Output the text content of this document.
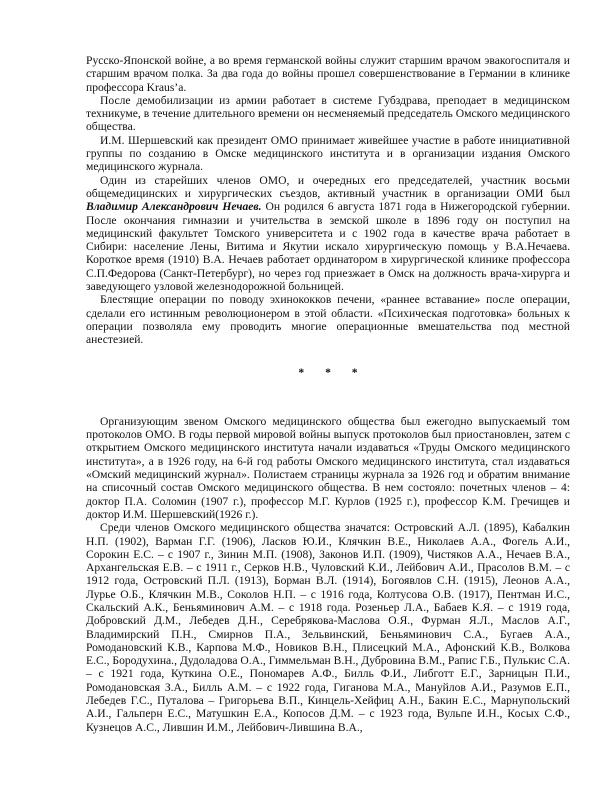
Русско-Японской войне, а во время германской войны служит старшим врачом эвакогоспиталя и старшим врачом полка. За два года до войны прошел совершенствование в Германии в клинике профессора Kraus’a.

После демобилизации из армии работает в системе Губздрава, преподает в медицинском техникуме, в течение длительного времени он несменяемый председатель Омского медицинского общества.

И.М. Шершевский как президент ОМО принимает живейшее участие в работе инициативной группы по созданию в Омске медицинского института и в организации издания Омского медицинского журнала.

Один из старейших членов ОМО, и очередных его председателей, участник восьми общемедицинских и хирургических съездов, активный участник в организации ОМИ был Владимир Александрович Нечаев. Он родился 6 августа 1871 года в Нижегородской губернии. После окончания гимназии и учительства в земской школе в 1896 году он поступил на медицинский факультет Томского университета и с 1902 года в качестве врача работает в Сибири: население Лены, Витима и Якутии искало хирургическую помощь у В.А.Нечаева. Короткое время (1910) В.А. Нечаев работает ординатором в хирургической клинике профессора С.П.Федорова (Санкт-Петербург), но через год приезжает в Омск на должность врача-хирурга и заведующего узловой железнодорожной больницей.

Блестящие операции по поводу эхинококков печени, «раннее вставание» после операции, сделали его истинным революционером в этой области. «Психическая подготовка» больных к операции позволяла ему проводить многие операционные вмешательства под местной анестезией.

* * *

Организующим звеном Омского медицинского общества был ежегодно выпускаемый том протоколов ОМО. В годы первой мировой войны выпуск протоколов был приостановлен, затем с открытием Омского медицинского института начали издаваться «Труды Омского медицинского института», а в 1926 году, на 6-й год работы Омского медицинского института, стал издаваться «Омский медицинский журнал». Полистаем страницы журнала за 1926 год и обратим внимание на списочный состав Омского медицинского общества. В нем состояло: почетных членов – 4: доктор П.А. Соломин (1907 г.), профессор М.Г. Курлов (1925 г.), профессор К.М. Гречищев и доктор И.М. Шершевский(1926 г.).

Среди членов Омского медицинского общества значатся: Островский А.Л. (1895), Кабалкин Н.П. (1902), Варман Г.Г. (1906), Ласков Ю.И., Клячкин В.Е., Николаев А.А., Фогель А.И., Сорокин Е.С. – с 1907 г., Зинин М.П. (1908), Законов И.П. (1909), Чистяков А.А., Нечаев В.А., Архангельская Е.В. – с 1911 г., Серков Н.В., Чуловский К.И., Лейбович А.И., Прасолов В.М. – с 1912 года, Островский П.Л. (1913), Борман В.Л. (1914), Богоявлов С.Н. (1915), Леонов А.А., Лурье О.Б., Клячкин М.В., Соколов Н.П. – с 1916 года, Колтусова О.В. (1917), Пентман И.С., Скальский А.К., Беньяминович А.М. – с 1918 года. Розеньер Л.А., Бабаев К.Я. – с 1919 года, Добровский Д.М., Лебедев Д.Н., Серебрякова-Маслова О.Я., Фурман Я.Л., Маслов А.Г., Владимирский П.Н., Смирнов П.А., Зельвинский, Беньяминович С.А., Бугаев А.А., Ромодановский К.В., Карпова М.Ф., Новиков В.Н., Плисецкий М.А., Афонский К.В., Волкова Е.С., Бородухина., Дудоладова О.А., Гиммельман В.Н., Дубровина В.М., Рапис Г.Б., Пулькис С.А. – с 1921 года, Куткина О.Е., Пономарев А.Ф., Билль Ф.И., Либготт Е.Г., Зарницын П.И., Ромодановская З.А., Билль А.М. – с 1922 года, Гиганова М.А., Мануйлов А.И., Разумов Е.П., Лебедев Г.С., Путалова – Григорьева В.П., Кинцель-Хейфиц А.Н., Бакин Е.С., Марнупольский А.И., Гальперн Е.С., Матушкин Е.А., Копосов Д.М. – с 1923 года, Вульпе И.Н., Косых С.Ф., Кузнецов А.С., Лившин И.М., Лейбович-Лившина В.А.,
